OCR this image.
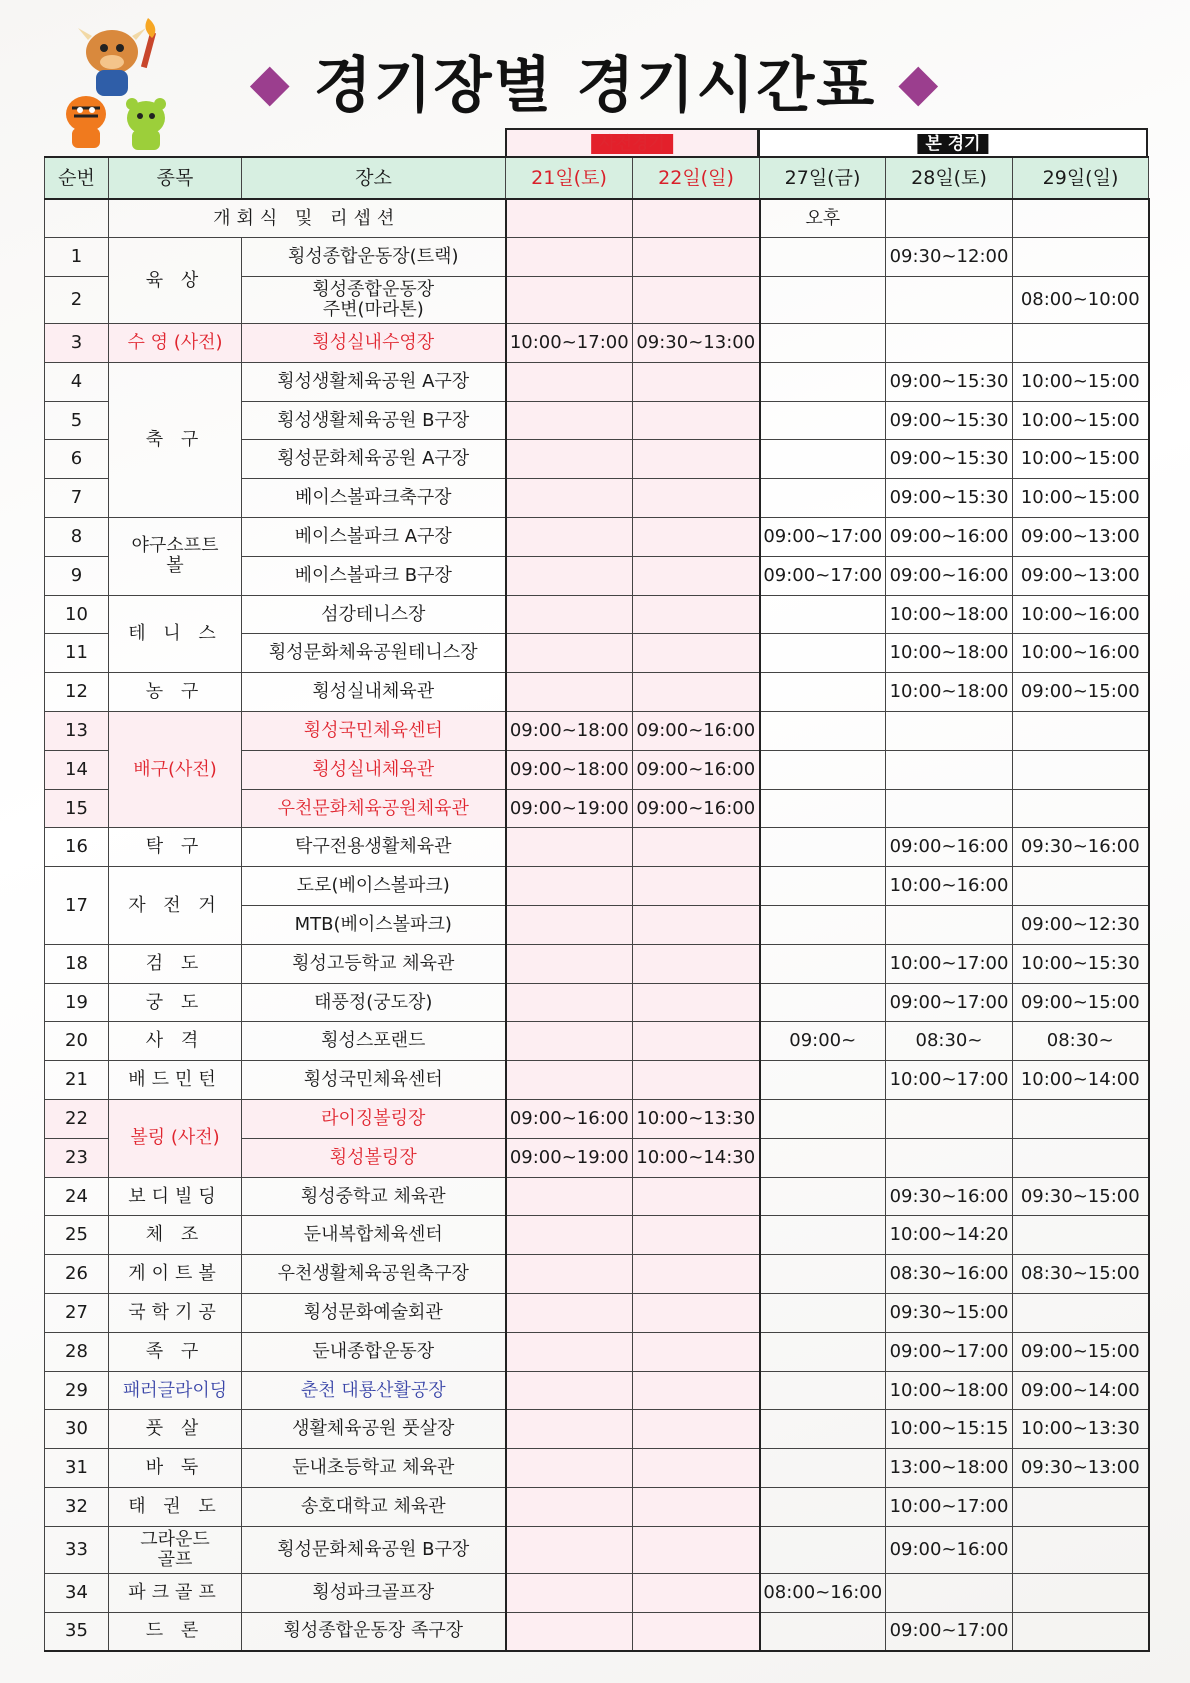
◆ 경기장별 경기시간표 ◆
사전경기	본 경기
순번	종목	장소	21일(토)	22일(일)	27일(금)	28일(토)	29일(일)
	개회식 및 리셉션				오후		
1	육 상	횡성종합운동장(트랙)				09:30~12:00	
2		횡성종합운동장
주변(마라톤)					08:00~10:00
3	수 영 (사전)	횡성실내수영장	10:00~17:00	09:30~13:00			
4	축 구	횡성생활체육공원 A구장				09:00~15:30	10:00~15:00
5		횡성생활체육공원 B구장				09:00~15:30	10:00~15:00
6		횡성문화체육공원 A구장				09:00~15:30	10:00~15:00
7		베이스볼파크축구장				09:00~15:30	10:00~15:00
8	야구소프트
볼	베이스볼파크 A구장			09:00~17:00	09:00~16:00	09:00~13:00
9		베이스볼파크 B구장			09:00~17:00	09:00~16:00	09:00~13:00
10	테 니 스	섬강테니스장				10:00~18:00	10:00~16:00
11		횡성문화체육공원테니스장				10:00~18:00	10:00~16:00
12	농 구	횡성실내체육관				10:00~18:00	09:00~15:00
13	배구(사전)	횡성국민체육센터	09:00~18:00	09:00~16:00			
14		횡성실내체육관	09:00~18:00	09:00~16:00			
15		우천문화체육공원체육관	09:00~19:00	09:00~16:00			
16	탁 구	탁구전용생활체육관				09:00~16:00	09:30~16:00
17	자 전 거	도로(베이스볼파크)				10:00~16:00	
		MTB(베이스볼파크)					09:00~12:30
18	검 도	횡성고등학교 체육관				10:00~17:00	10:00~15:30
19	궁 도	태풍정(궁도장)				09:00~17:00	09:00~15:00
20	사 격	횡성스포랜드			09:00~	08:30~	08:30~
21	배드민턴	횡성국민체육센터				10:00~17:00	10:00~14:00
22	볼링 (사전)	라이징볼링장	09:00~16:00	10:00~13:30			
23		횡성볼링장	09:00~19:00	10:00~14:30			
24	보디빌딩	횡성중학교 체육관				09:30~16:00	09:30~15:00
25	체 조	둔내복합체육센터				10:00~14:20	
26	게이트볼	우천생활체육공원축구장				08:30~16:00	08:30~15:00
27	국학기공	횡성문화예술회관				09:30~15:00	
28	족 구	둔내종합운동장				09:00~17:00	09:00~15:00
29	패러글라이딩	춘천 대룡산활공장				10:00~18:00	09:00~14:00
30	풋 살	생활체육공원 풋살장				10:00~15:15	10:00~13:30
31	바 둑	둔내초등학교 체육관				13:00~18:00	09:30~13:00
32	태 권 도	송호대학교 체육관				10:00~17:00	
33	그라운드
골프	횡성문화체육공원 B구장				09:00~16:00	
34	파크골프	횡성파크골프장			08:00~16:00		
35	드 론	횡성종합운동장 족구장				09:00~17:00	
